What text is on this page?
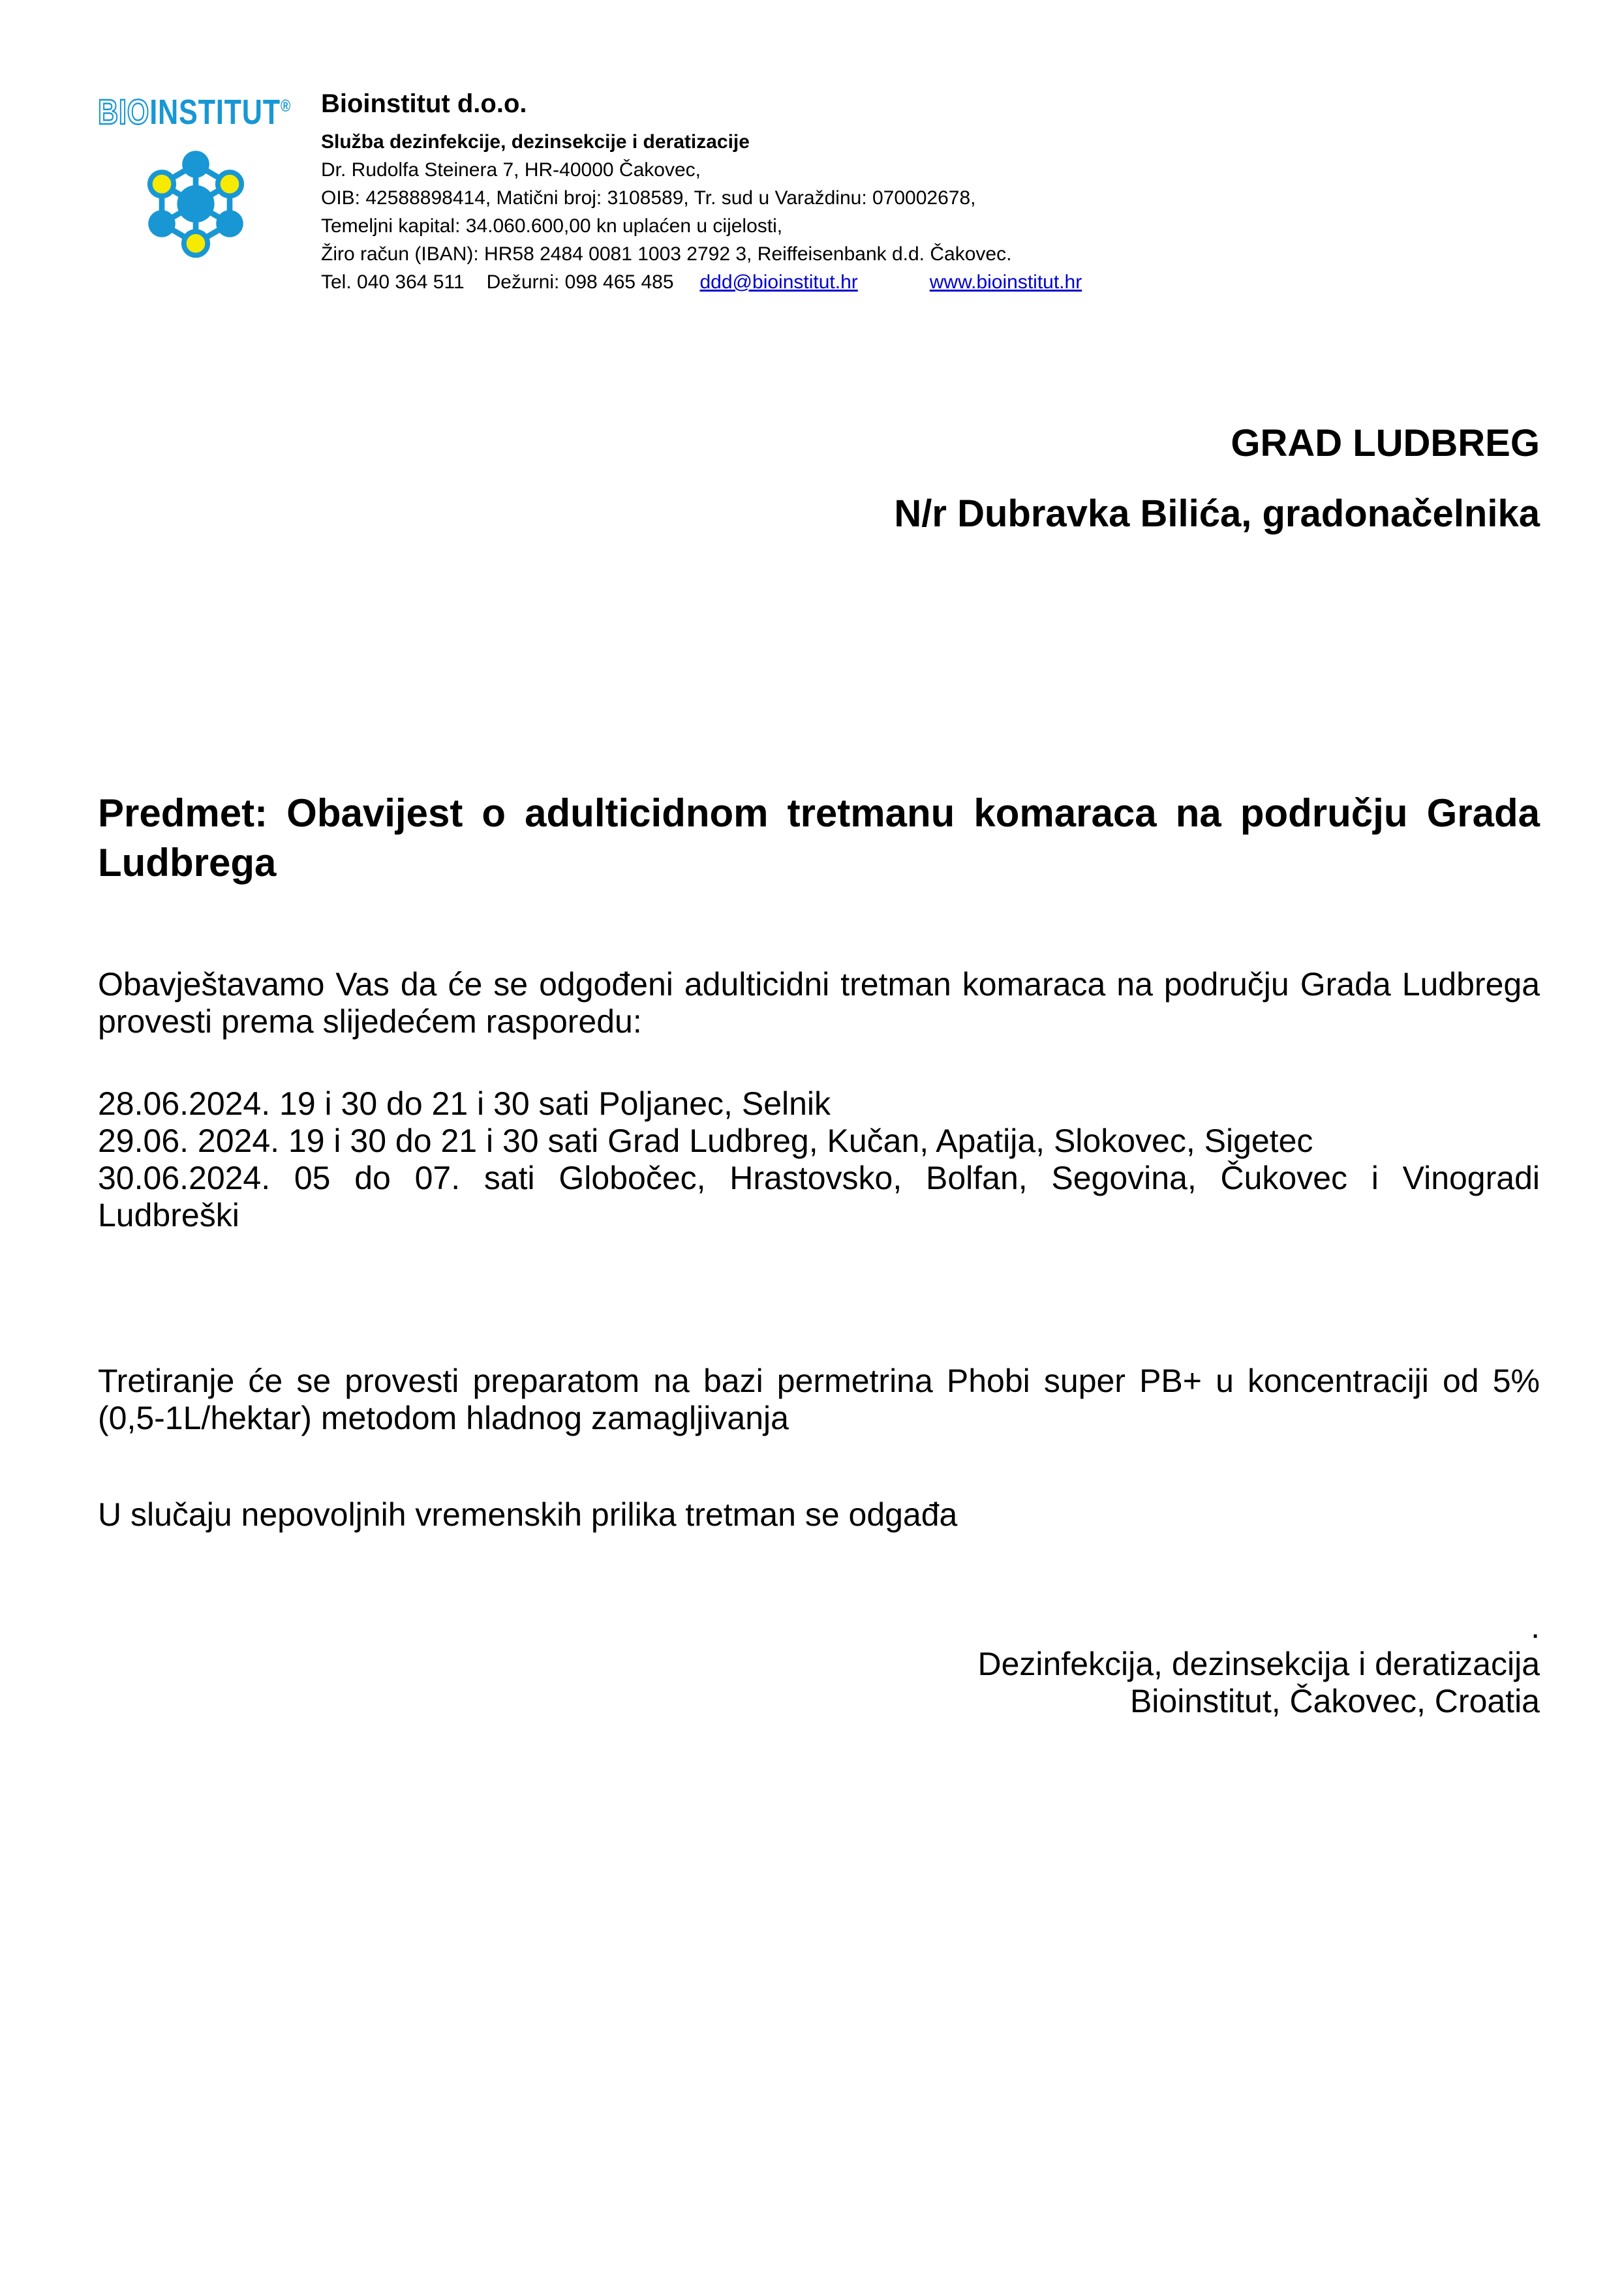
BIOINSTITUT® Bioinstitut d.o.o.
Služba dezinfekcije, dezinsekcije i deratizacije
Dr. Rudolfa Steinera 7, HR-40000 Čakovec,
OIB: 42588898414, Matični broj: 3108589, Tr. sud u Varaždinu: 070002678,
Temeljni kapital: 34.060.600,00 kn uplaćen u cijelosti,
Žiro račun (IBAN): HR58 2484 0081 1003 2792 3, Reiffeisenbank d.d. Čakovec.
Tel. 040 364 511 Dežurni: 098 465 485 ddd@bioinstitut.hr	www.bioinstitut.hr
GRAD LUDBREG
N/r Dubravka Bilića, gradonačelnika
Predmet: Obavijest o adulticidnom tretmanu komaraca na području Grada
Ludbrega
Obavještavamo Vas da će se odgođeni adulticidni tretman komaraca na području Grada Ludbrega
provesti prema slijedećem rasporedu:
28.06.2024. 19 i 30 do 21 i 30 sati Poljanec, Selnik
29.06. 2024. 19 i 30 do 21 i 30 sati Grad Ludbreg, Kučan, Apatija, Slokovec, Sigetec
30.06.2024. 05 do 07. sati Globočec, Hrastovsko, Bolfan, Segovina, Čukovec i Vinogradi
Ludbreški
Tretiranje će se provesti preparatom na bazi permetrina Phobi super PB+ u koncentraciji od 5%
(0,5-1L/hektar) metodom hladnog zamagljivanja
U slučaju nepovoljnih vremenskih prilika tretman se odgađa
.
Dezinfekcija, dezinsekcija i deratizacija
Bioinstitut, Čakovec, Croatia
